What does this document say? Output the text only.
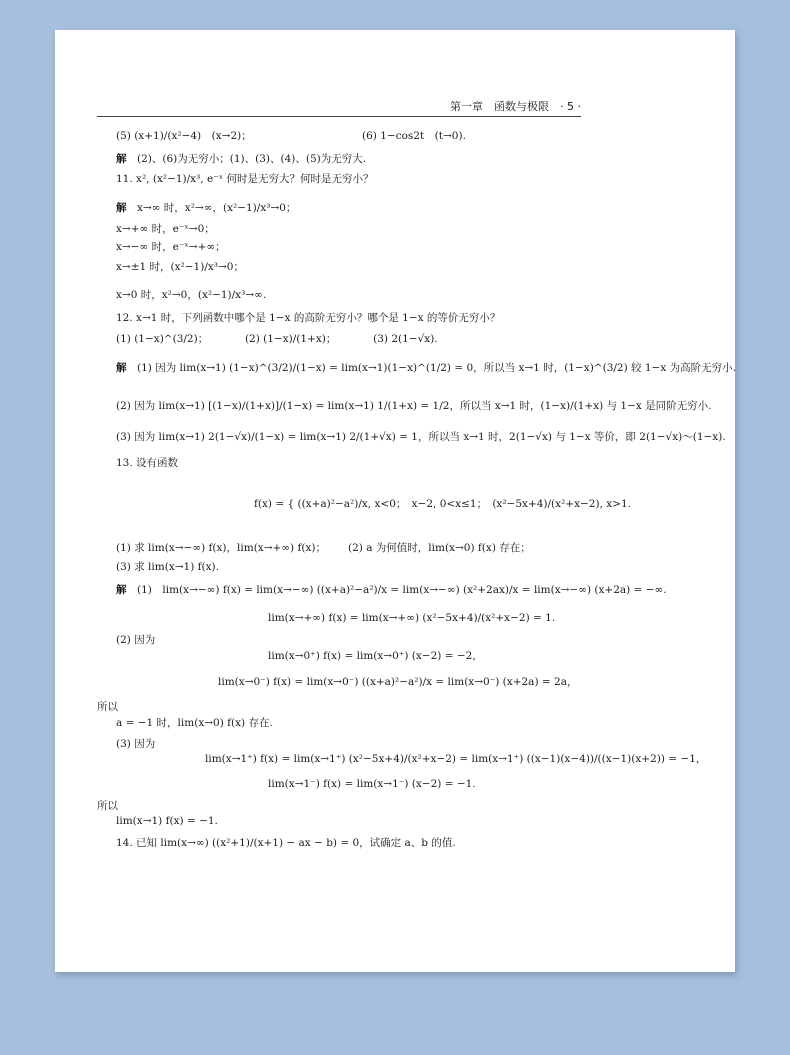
第一章　函数与极限　· 5 ·
(5) (x+1)/(x²−4)　(x→2)；	(6) 1−cos2t　(t→0).
解　(2)、(6)为无穷小；(1)、(3)、(4)、(5)为无穷大.
11. x², (x²−1)/x³, e⁻ˣ 何时是无穷大？何时是无穷小？
解　x→∞ 时，x²→∞，(x²−1)/x³→0；
x→+∞ 时，e⁻ˣ→0；
x→−∞ 时，e⁻ˣ→+∞；
x→±1 时，(x²−1)/x³→0；
x→0 时，x²→0，(x²−1)/x³→∞.
12. x→1 时，下列函数中哪个是 1−x 的高阶无穷小？哪个是 1−x 的等价无穷小？
(1) (1−x)^(3/2)；　　　　(2) (1−x)/(1+x)；　　　　(3) 2(1−√x).
解　(1) 因为 lim(x→1) (1−x)^(3/2)/(1−x) = lim(x→1)(1−x)^(1/2) = 0，所以当 x→1 时，(1−x)^(3/2) 较 1−x 为高阶无穷小.
(2) 因为 lim(x→1) [(1−x)/(1+x)]/(1−x) = lim(x→1) 1/(1+x) = 1/2，所以当 x→1 时，(1−x)/(1+x) 与 1−x 是同阶无穷小.
(3) 因为 lim(x→1) 2(1−√x)/(1−x) = lim(x→1) 2/(1+√x) = 1，所以当 x→1 时，2(1−√x) 与 1−x 等价，即 2(1−√x)～(1−x).
13. 设有函数
f(x) = { ((x+a)²−a²)/x, x<0；　x−2, 0<x≤1；　(x²−5x+4)/(x²+x−2), x>1.
(1) 求 lim(x→−∞) f(x)，lim(x→+∞) f(x)； (2) a 为何值时，lim(x→0) f(x) 存在；
(3) 求 lim(x→1) f(x).
解　(1)　lim(x→−∞) f(x) = lim(x→−∞) ((x+a)²−a²)/x = lim(x→−∞) (x²+2ax)/x = lim(x→−∞) (x+2a) = −∞.
lim(x→+∞) f(x) = lim(x→+∞) (x²−5x+4)/(x²+x−2) = 1.
(2) 因为
lim(x→0⁺) f(x) = lim(x→0⁺) (x−2) = −2，
lim(x→0⁻) f(x) = lim(x→0⁻) ((x+a)²−a²)/x = lim(x→0⁻) (x+2a) = 2a，
所以
a = −1 时，lim(x→0) f(x) 存在.
(3) 因为
lim(x→1⁺) f(x) = lim(x→1⁺) (x²−5x+4)/(x²+x−2) = lim(x→1⁺) ((x−1)(x−4))/((x−1)(x+2)) = −1，
lim(x→1⁻) f(x) = lim(x→1⁻) (x−2) = −1.
所以
lim(x→1) f(x) = −1.
14. 已知 lim(x→∞) ((x²+1)/(x+1) − ax − b) = 0，试确定 a、b 的值.
